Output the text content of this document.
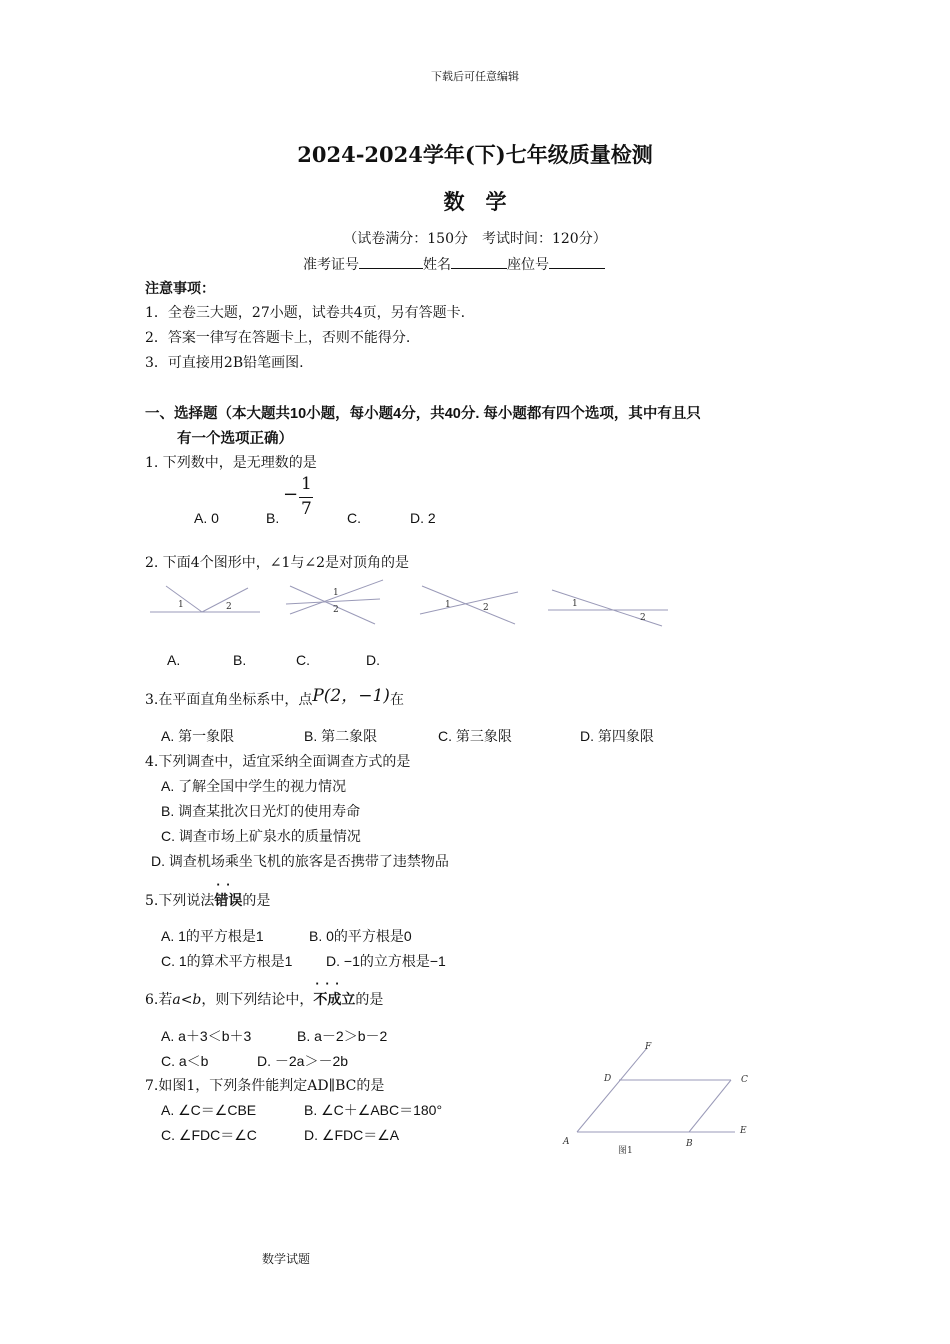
下载后可任意编辑
2024-2024学年(下)七年级质量检测
数　学
（试卷满分：150分　考试时间：120分）
准考证号	姓名	座位号
注意事项：
1．全卷三大题，27小题，试卷共4页，另有答题卡.
2．答案一律写在答题卡上，否则不能得分.
3．可直接用2B铅笔画图.
一、选择题（本大题共10小题，每小题4分，共40分. 每小题都有四个选项，其中有且只
有一个选项正确）
1. 下列数中，是无理数的是
− 1
7
A. 0	B.	C.	D. 2
2. 下面4个图形中，∠1与∠2是对顶角的是
1	2
1
2	1	2	1
2
A.	B.	C.	D.
3.在平面直角坐标系中，点P(2，−1)在
A. 第一象限	B. 第二象限	C. 第三象限	D. 第四象限
4.下列调查中，适宜采纳全面调查方式的是
A. 了解全国中学生的视力情况
B. 调查某批次日光灯的使用寿命
C. 调查市场上矿泉水的质量情况
D. 调查机场乘坐飞机的旅客是否携带了违禁物品
5.下列说法· · 错误的是
A. 1的平方根是1	B. 0的平方根是0
C. 1的算术平方根是1 D. −1的立方根是−1
6.若a<b，则下列结论中，· · · 不成立的是
A. a＋3＜b＋3	B. a－2＞b－2
C. a＜b	D. －2a＞－2b
7.如图1，下列条件能判定AD∥BC的是
A. ∠C＝∠CBE	B. ∠C＋∠ABC＝180°
C. ∠FDC＝∠C	D. ∠FDC＝∠A	A	B
C
D
E
F
图1
数学试题
